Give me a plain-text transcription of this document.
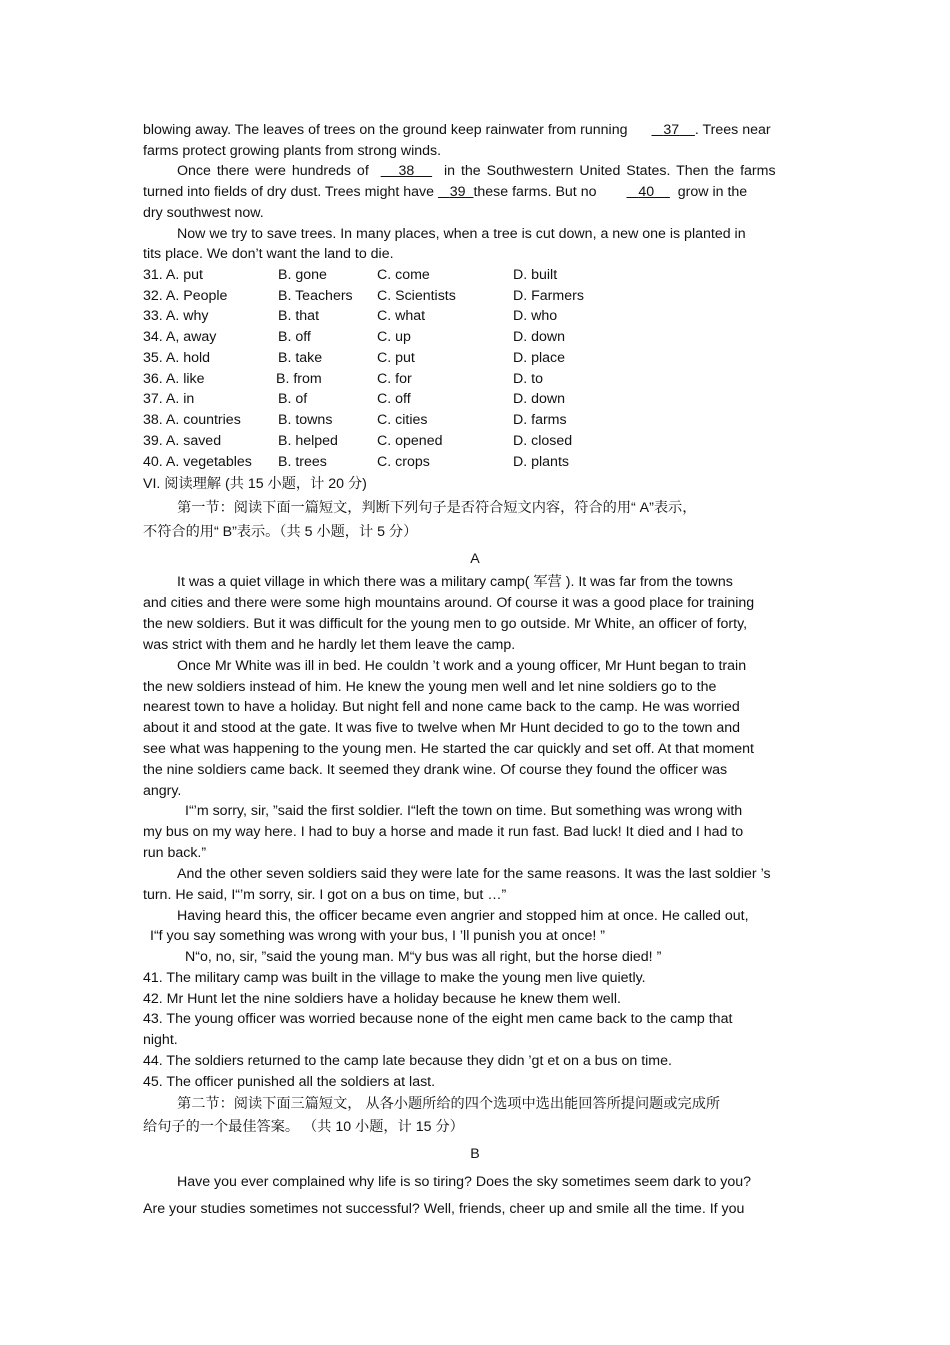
blowing away. The leaves of trees on the ground keep rainwater from running	37 . Trees near
farms protect growing plants from strong winds.
Once there were hundreds of 38 in the Southwestern United States. Then the farms
turned into fields of dry dust. Trees might have 39 these farms. But no	40 grow in the
dry southwest now.
Now we try to save trees. In many places, when a tree is cut down, a new one is planted in
tits place. We don’t want the land to die.
31. A. put	B. gone	C. come	D. built
32. A. People	B. Teachers C. Scientists	D. Farmers
33. A. why	B. that	C. what	D. who
34. A, away	B. off	C. up	D. down
35. A. hold	B. take	C. put	D. place
36. A. like	B. from	C. for	D. to
37. A. in	B. of	C. off	D. down
38. A. countries	B. towns	C. cities	D. farms
39. A. saved	B. helped	C. opened	D. closed
40. A. vegetables B. trees	C. crops	D. plants
VI. 阅读理解 (共 15 小题，计 20 分)
第一节：阅读下面一篇短文，判断下列句子是否符合短文内容，符合的用“ A”表示，
不符合的用“ B”表示。（共 5 小题，计 5 分）
A
It was a quiet village in which there was a military camp( 军营 ). It was far from the towns
and cities and there were some high mountains around. Of course it was a good place for training
the new soldiers. But it was difficult for the young men to go outside. Mr White, an officer of forty,
was strict with them and he hardly let them leave the camp.
Once Mr White was ill in bed. He couldn ’t work and a young officer, Mr Hunt began to train
the new soldiers instead of him. He knew the young men well and let nine soldiers go to the
nearest town to have a holiday. But night fell and none came back to the camp. He was worried
about it and stood at the gate. It was five to twelve when Mr Hunt decided to go to the town and
see what was happening to the young men. He started the car quickly and set off. At that moment
the nine soldiers came back. It seemed they drank wine. Of course they found the officer was
angry.
I“’m sorry, sir, ”said the first soldier. I“left the town on time. But something was wrong with
my bus on my way here. I had to buy a horse and made it run fast. Bad luck! It died and I had to
run back.”
And the other seven soldiers said they were late for the same reasons. It was the last soldier ’s
turn. He said, I“’m sorry, sir. I got on a bus on time, but …”
Having heard this, the officer became even angrier and stopped him at once. He called out,
I“f you say something was wrong with your bus, I ’ll punish you at once! ”
N“o, no, sir, ”said the young man. M“y bus was all right, but the horse died! ”
41. The military camp was built in the village to make the young men live quietly.
42. Mr Hunt let the nine soldiers have a holiday because he knew them well.
43. The young officer was worried because none of the eight men came back to the camp that
night.
44. The soldiers returned to the camp late because they didn ’gt et on a bus on time.
45. The officer punished all the soldiers at last.
第二节：阅读下面三篇短文， 从各小题所给的四个选项中选出能回答所提问题或完成所
给句子的一个最佳答案。 （共 10 小题，计 15 分）
B
Have you ever complained why life is so tiring? Does the sky sometimes seem dark to you?
Are your studies sometimes not successful? Well, friends, cheer up and smile all the time. If you
